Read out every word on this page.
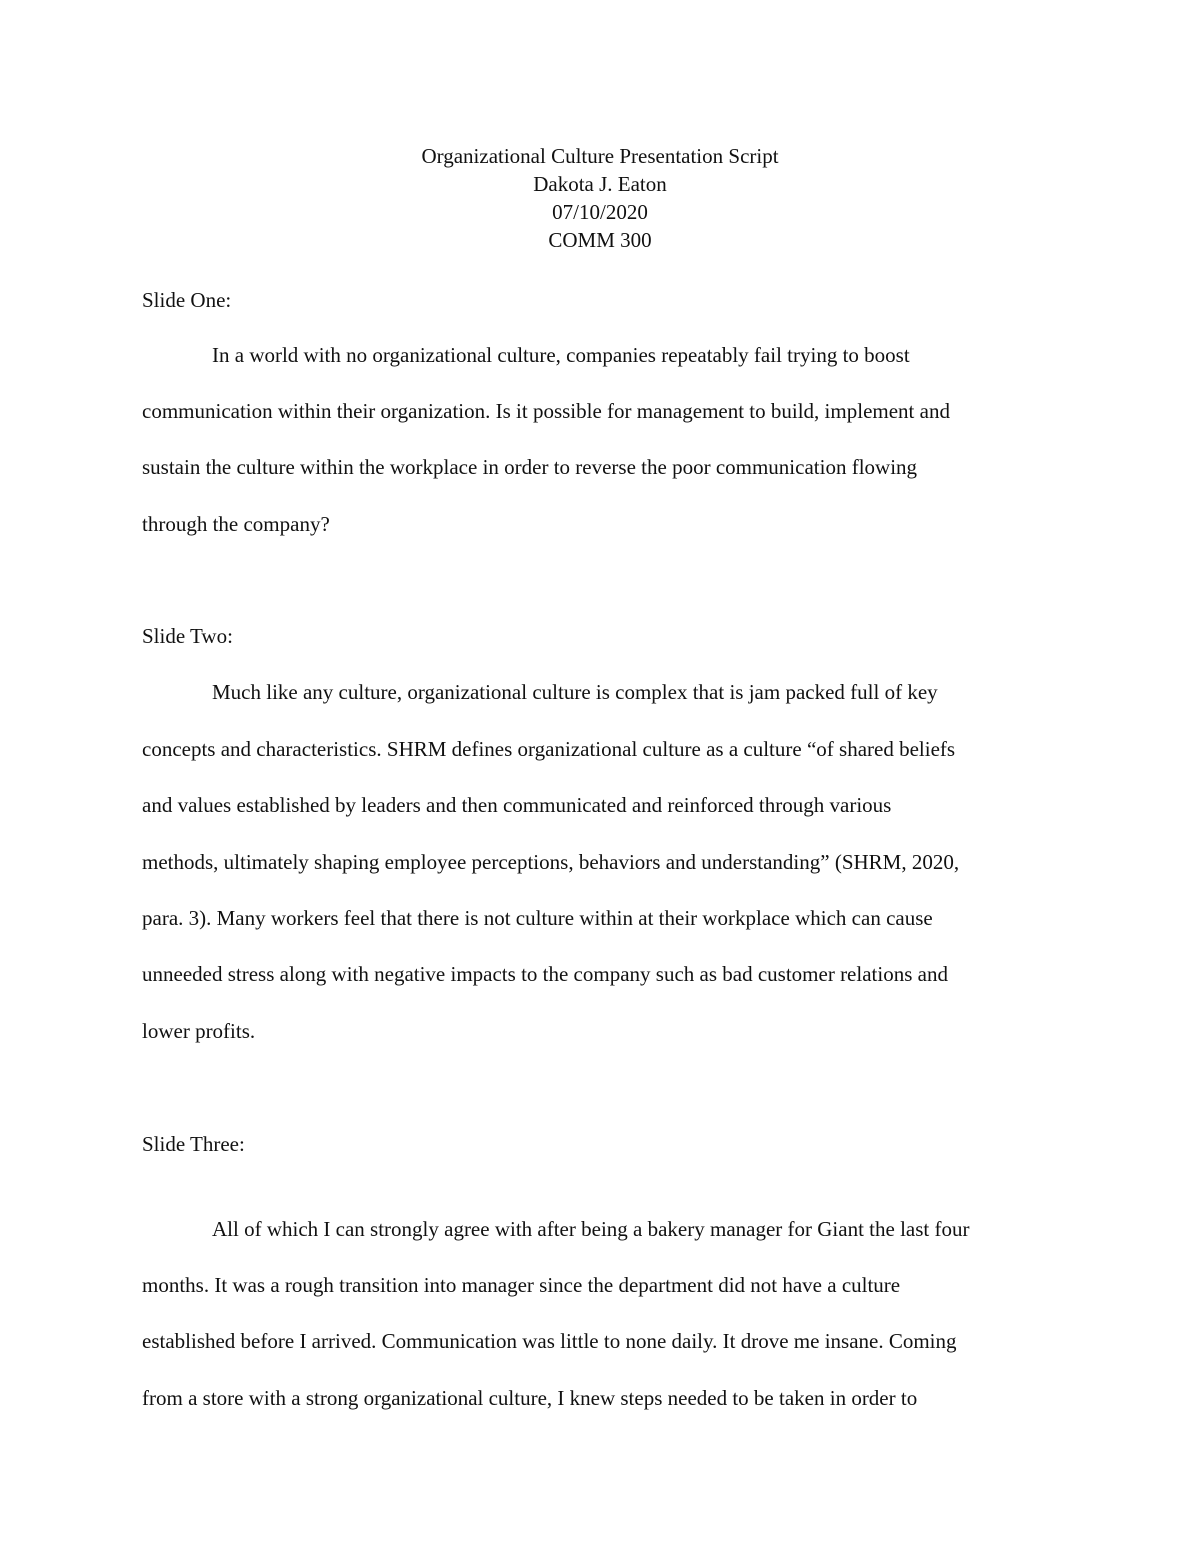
Organizational Culture Presentation Script
Dakota J. Eaton
07/10/2020
COMM 300
Slide One:
In a world with no organizational culture, companies repeatably fail trying to boost
communication within their organization. Is it possible for management to build, implement and
sustain the culture within the workplace in order to reverse the poor communication flowing
through the company?
Slide Two:
Much like any culture, organizational culture is complex that is jam packed full of key
concepts and characteristics. SHRM defines organizational culture as a culture “of shared beliefs
and values established by leaders and then communicated and reinforced through various
methods, ultimately shaping employee perceptions, behaviors and understanding” (SHRM, 2020,
para. 3). Many workers feel that there is not culture within at their workplace which can cause
unneeded stress along with negative impacts to the company such as bad customer relations and
lower profits.
Slide Three:
All of which I can strongly agree with after being a bakery manager for Giant the last four
months. It was a rough transition into manager since the department did not have a culture
established before I arrived. Communication was little to none daily. It drove me insane. Coming
from a store with a strong organizational culture, I knew steps needed to be taken in order to
